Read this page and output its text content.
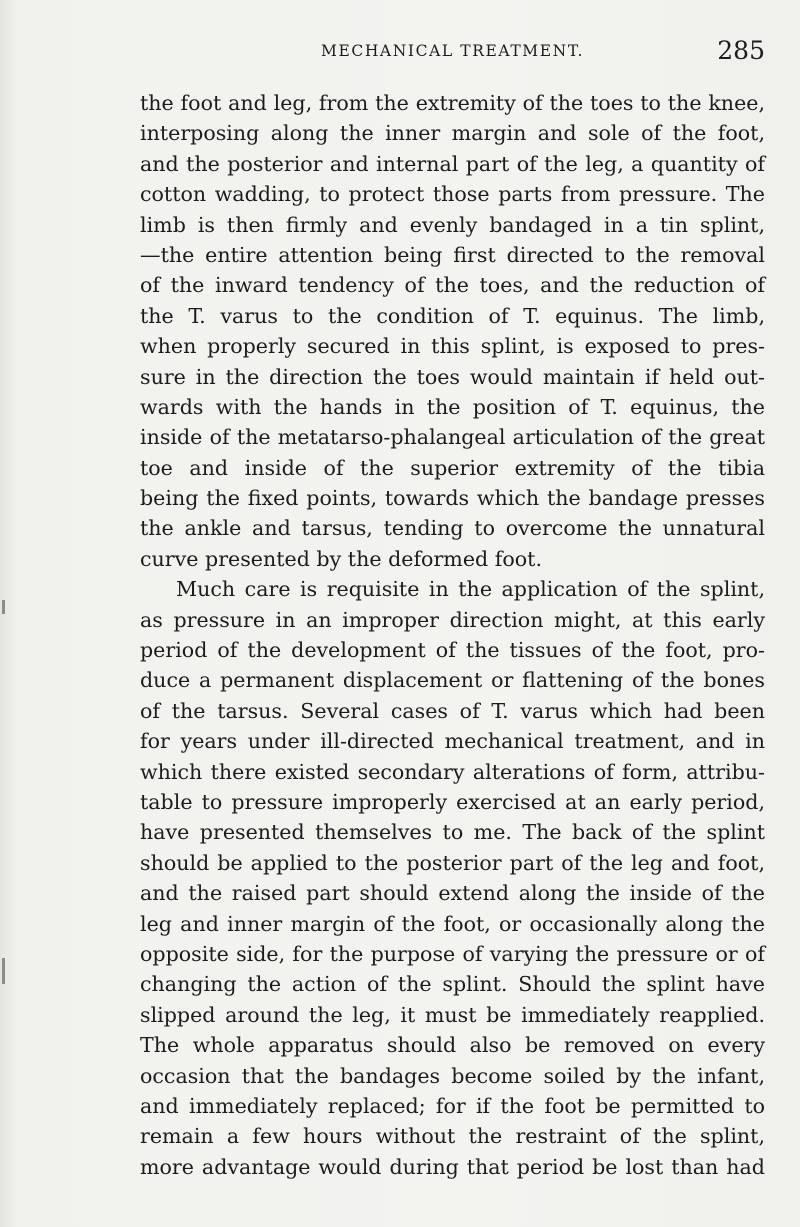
MECHANICAL TREATMENT.	285
the foot and leg, from the extremity of the toes to the knee,
interposing along the inner margin and sole of the foot,
and the posterior and internal part of the leg, a quantity of
cotton wadding, to protect those parts from pressure. The
limb is then firmly and evenly bandaged in a tin splint,
—the entire attention being first directed to the removal
of the inward tendency of the toes, and the reduction of
the T. varus to the condition of T. equinus. The limb,
when properly secured in this splint, is exposed to pres-
sure in the direction the toes would maintain if held out-
wards with the hands in the position of T. equinus, the
inside of the metatarso-phalangeal articulation of the great
toe and inside of the superior extremity of the tibia
being the fixed points, towards which the bandage presses
the ankle and tarsus, tending to overcome the unnatural
curve presented by the deformed foot.
Much care is requisite in the application of the splint,
as pressure in an improper direction might, at this early
period of the development of the tissues of the foot, pro-
duce a permanent displacement or flattening of the bones
of the tarsus. Several cases of T. varus which had been
for years under ill-directed mechanical treatment, and in
which there existed secondary alterations of form, attribu-
table to pressure improperly exercised at an early period,
have presented themselves to me. The back of the splint
should be applied to the posterior part of the leg and foot,
and the raised part should extend along the inside of the
leg and inner margin of the foot, or occasionally along the
opposite side, for the purpose of varying the pressure or of
changing the action of the splint. Should the splint have
slipped around the leg, it must be immediately reapplied.
The whole apparatus should also be removed on every
occasion that the bandages become soiled by the infant,
and immediately replaced; for if the foot be permitted to
remain a few hours without the restraint of the splint,
more advantage would during that period be lost than had
